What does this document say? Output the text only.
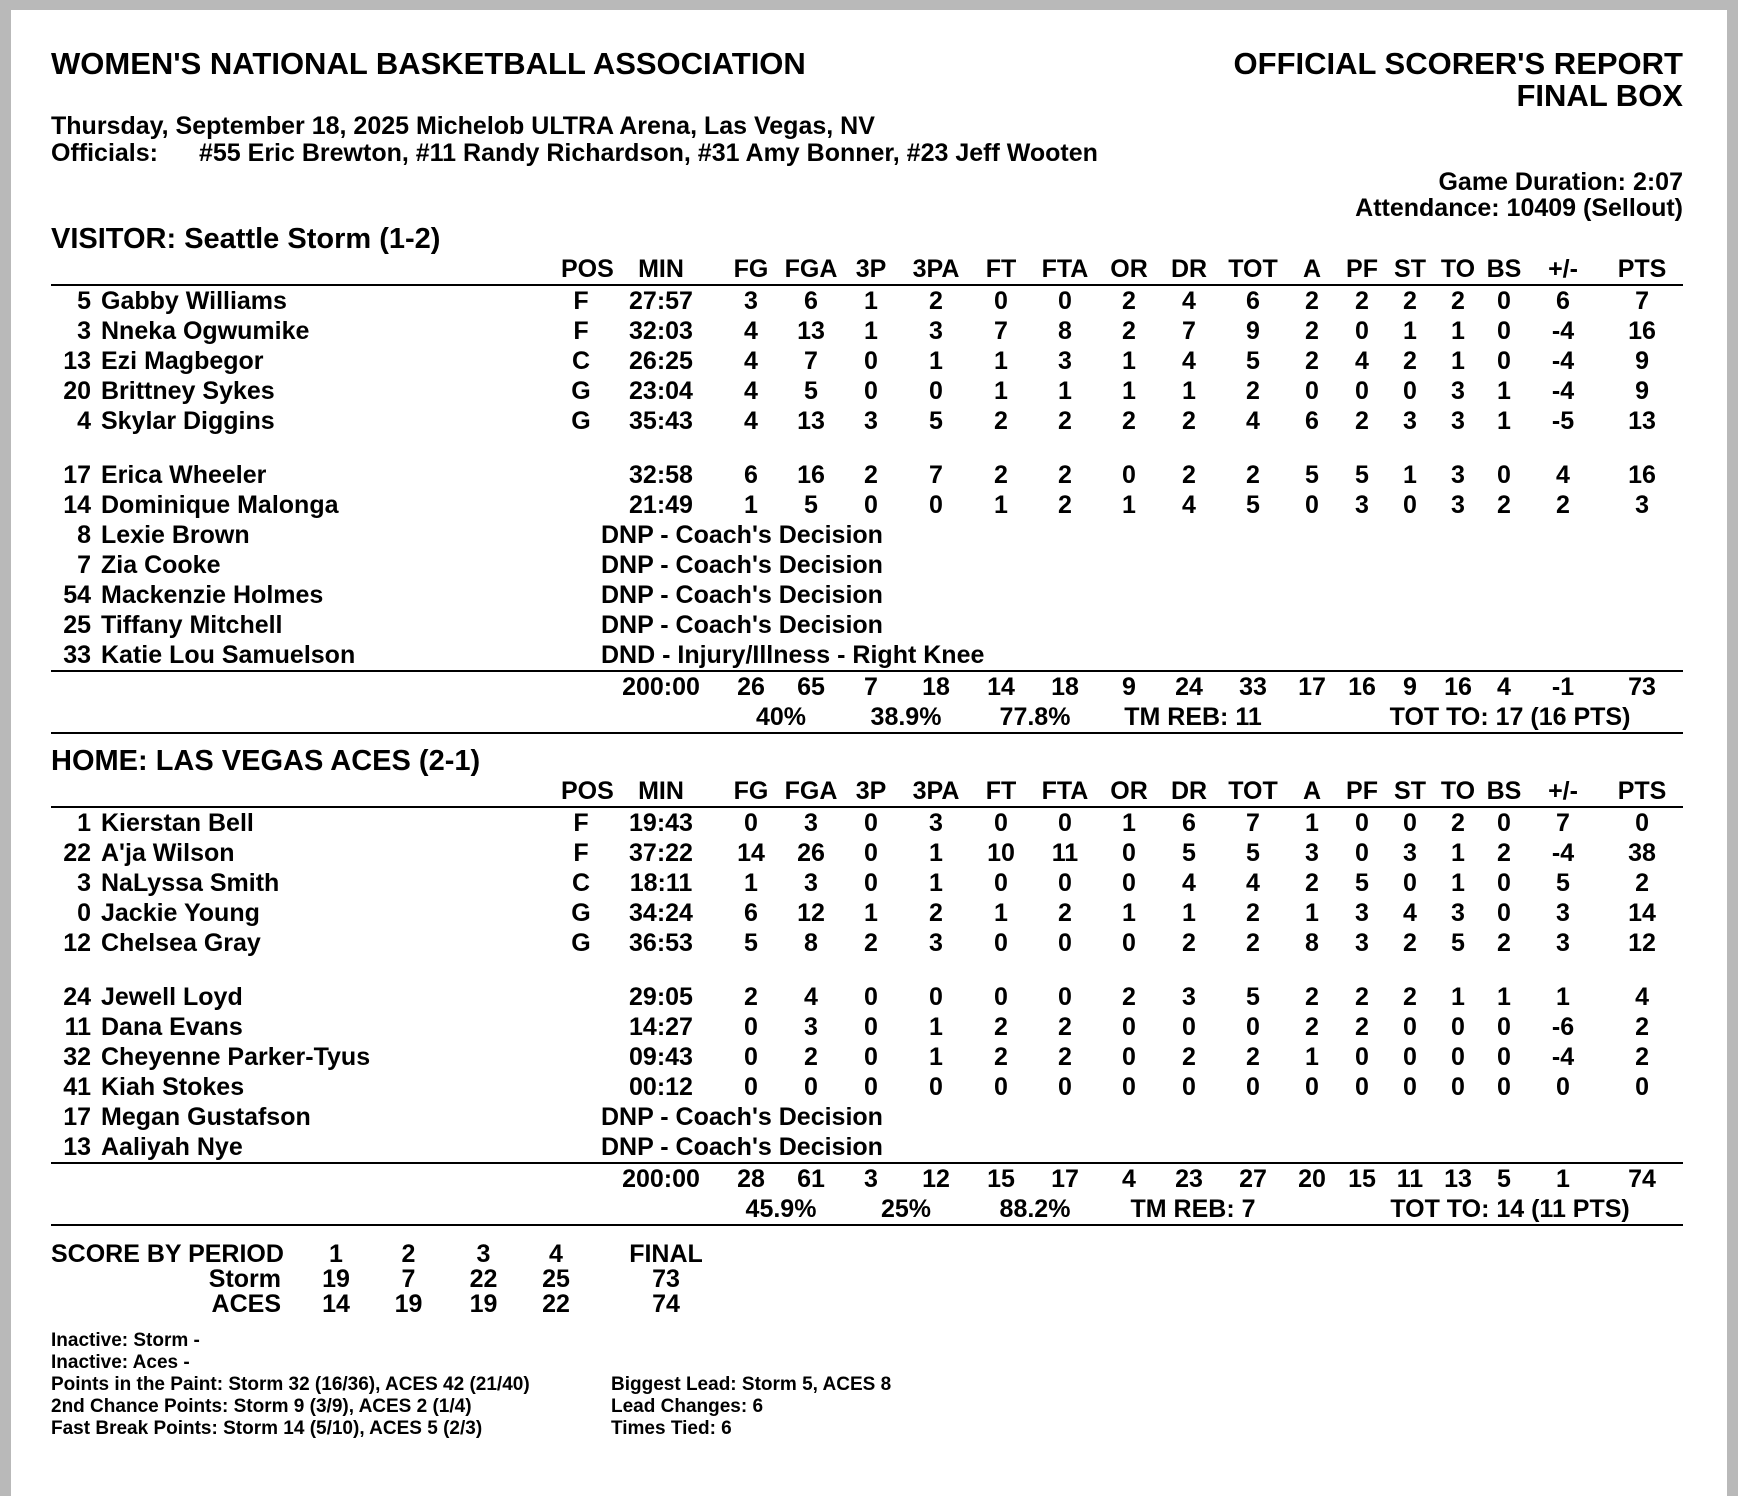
WOMEN'S NATIONAL BASKETBALL ASSOCIATION	OFFICIAL SCORER'S REPORT
FINAL BOX
Thursday, September 18, 2025 Michelob ULTRA Arena, Las Vegas, NV
Officials: #55 Eric Brewton, #11 Randy Richardson, #31 Amy Bonner, #23 Jeff Wooten
Game Duration: 2:07
Attendance: 10409 (Sellout)
VISITOR: Seattle Storm (1-2)																			
		POS	MIN	FG	FGA	3P	3PA	FT	FTA	OR	DR	TOT	A	PF	ST	TO	BS	+/-	PTS
5	Gabby Williams	F	27:57	3	6	1	2	0	0	2	4	6	2	2	2	2	0	6	7
3	Nneka Ogwumike	F	32:03	4	13	1	3	7	8	2	7	9	2	0	1	1	0	-4	16
13	Ezi Magbegor	C	26:25	4	7	0	1	1	3	1	4	5	2	4	2	1	0	-4	9
20	Brittney Sykes	G	23:04	4	5	0	0	1	1	1	1	2	0	0	0	3	1	-4	9
4	Skylar Diggins	G	35:43	4	13	3	5	2	2	2	2	4	6	2	3	3	1	-5	13

17	Erica Wheeler		32:58	6	16	2	7	2	2	0	2	2	5	5	1	3	0	4	16
14	Dominique Malonga		21:49	1	5	0	0	1	2	1	4	5	0	3	0	3	2	2	3
8	Lexie Brown		DNP - Coach's Decision																
7	Zia Cooke		DNP - Coach's Decision																
54	Mackenzie Holmes		DNP - Coach's Decision																
25	Tiffany Mitchell		DNP - Coach's Decision																
33	Katie Lou Samuelson		DND - Injury/Illness - Right Knee																
			200:00	26	65	7	18	14	18	9	24	33	17	16	9	16	4	-1	73
				40%		38.9%		77.8%		TM REB: 11				TOT TO: 17 (16 PTS)					
HOME: LAS VEGAS ACES (2-1)																			
		POS	MIN	FG	FGA	3P	3PA	FT	FTA	OR	DR	TOT	A	PF	ST	TO	BS	+/-	PTS
1	Kierstan Bell	F	19:43	0	3	0	3	0	0	1	6	7	1	0	0	2	0	7	0
22	A'ja Wilson	F	37:22	14	26	0	1	10	11	0	5	5	3	0	3	1	2	-4	38
3	NaLyssa Smith	C	18:11	1	3	0	1	0	0	0	4	4	2	5	0	1	0	5	2
0	Jackie Young	G	34:24	6	12	1	2	1	2	1	1	2	1	3	4	3	0	3	14
12	Chelsea Gray	G	36:53	5	8	2	3	0	0	0	2	2	8	3	2	5	2	3	12

24	Jewell Loyd		29:05	2	4	0	0	0	0	2	3	5	2	2	2	1	1	1	4
11	Dana Evans		14:27	0	3	0	1	2	2	0	0	0	2	2	0	0	0	-6	2
32	Cheyenne Parker-Tyus		09:43	0	2	0	1	2	2	0	2	2	1	0	0	0	0	-4	2
41	Kiah Stokes		00:12	0	0	0	0	0	0	0	0	0	0	0	0	0	0	0	0
17	Megan Gustafson		DNP - Coach's Decision																
13	Aaliyah Nye		DNP - Coach's Decision																
			200:00	28	61	3	12	15	17	4	23	27	20	15	11	13	5	1	74
				45.9%		25%		88.2%		TM REB: 7				TOT TO: 14 (11 PTS)					
SCORE BY PERIOD	1	2	3	4	FINAL
Storm	19	7	22	25	73
ACES	14	19	19	22	74
Inactive: Storm -
Inactive: Aces -
Points in the Paint: Storm 32 (16/36), ACES 42 (21/40)
2nd Chance Points: Storm 9 (3/9), ACES 2 (1/4)
Fast Break Points: Storm 14 (5/10), ACES 5 (2/3)
Biggest Lead: Storm 5, ACES 8
Lead Changes: 6
Times Tied: 6
